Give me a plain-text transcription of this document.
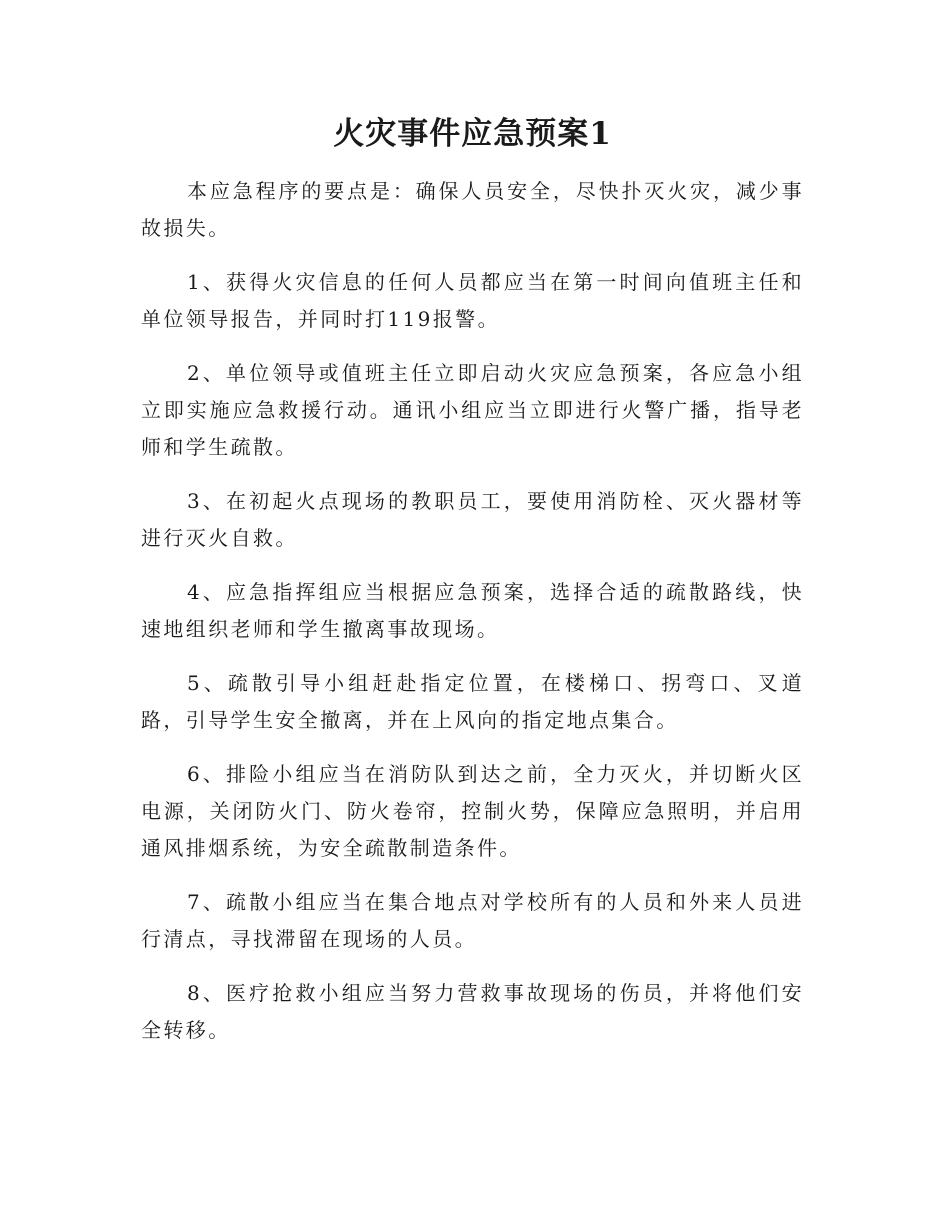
火灾事件应急预案1

本应急程序的要点是：确保人员安全，尽快扑灭火灾，减少事故损失。

1、获得火灾信息的任何人员都应当在第一时间向值班主任和单位领导报告，并同时打119报警。

2、单位领导或值班主任立即启动火灾应急预案，各应急小组立即实施应急救援行动。通讯小组应当立即进行火警广播，指导老师和学生疏散。

3、在初起火点现场的教职员工，要使用消防栓、灭火器材等进行灭火自救。

4、应急指挥组应当根据应急预案，选择合适的疏散路线，快速地组织老师和学生撤离事故现场。

5、疏散引导小组赶赴指定位置，在楼梯口、拐弯口、叉道路，引导学生安全撤离，并在上风向的指定地点集合。

6、排险小组应当在消防队到达之前，全力灭火，并切断火区电源，关闭防火门、防火卷帘，控制火势，保障应急照明，并启用通风排烟系统，为安全疏散制造条件。

7、疏散小组应当在集合地点对学校所有的人员和外来人员进行清点，寻找滞留在现场的人员。

8、医疗抢救小组应当努力营救事故现场的伤员，并将他们安全转移。
